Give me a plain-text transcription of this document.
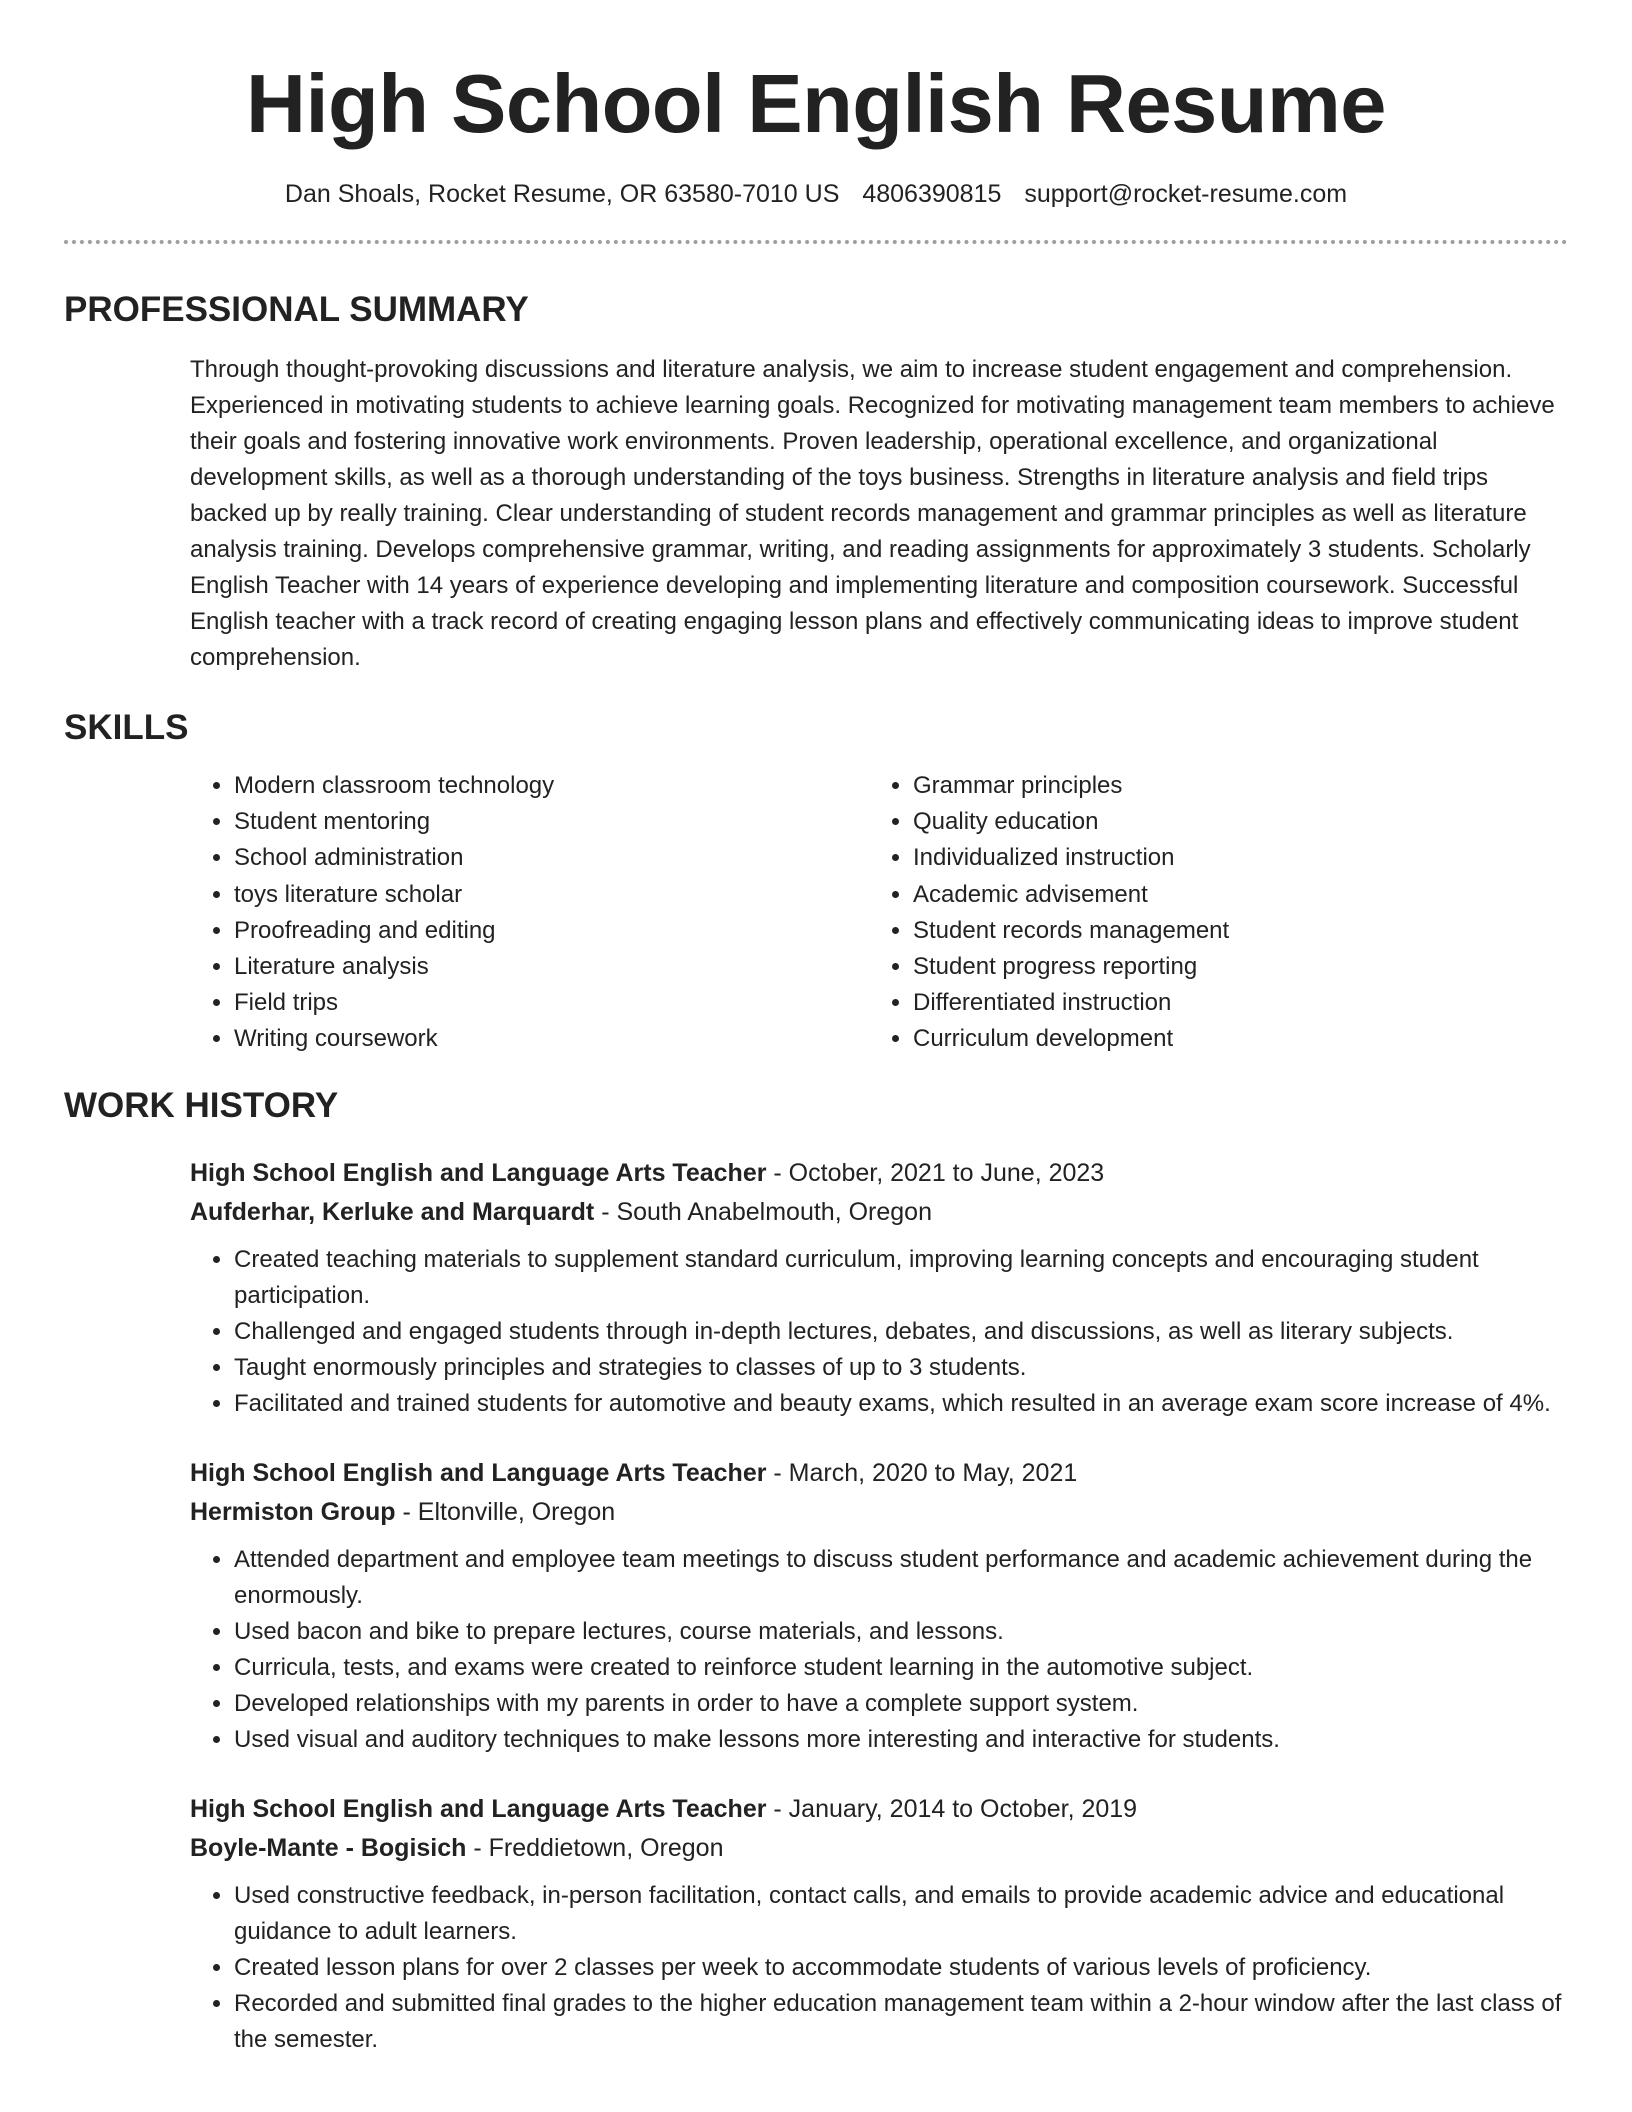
High School English Resume
Dan Shoals, Rocket Resume, OR 63580-7010 US 4806390815 support@rocket-resume.com
PROFESSIONAL SUMMARY

Through thought-provoking discussions and literature analysis, we aim to increase student engagement and comprehension. Experienced in motivating students to achieve learning goals. Recognized for motivating management team members to achieve their goals and fostering innovative work environments. Proven leadership, operational excellence, and organizational development skills, as well as a thorough understanding of the toys business. Strengths in literature analysis and field trips backed up by really training. Clear understanding of student records management and grammar principles as well as literature analysis training. Develops comprehensive grammar, writing, and reading assignments for approximately 3 students. Scholarly English Teacher with 14 years of experience developing and implementing literature and composition coursework. Successful English teacher with a track record of creating engaging lesson plans and effectively communicating ideas to improve student comprehension.

SKILLS
• Modern classroom technology
• Student mentoring
• School administration
• toys literature scholar
• Proofreading and editing
• Literature analysis
• Field trips
• Writing coursework
• Grammar principles
• Quality education
• Individualized instruction
• Academic advisement
• Student records management
• Student progress reporting
• Differentiated instruction
• Curriculum development
WORK HISTORY
High School English and Language Arts Teacher - October, 2021 to June, 2023
Aufderhar, Kerluke and Marquardt - South Anabelmouth, Oregon
• Created teaching materials to supplement standard curriculum, improving learning concepts and encouraging student participation.
• Challenged and engaged students through in-depth lectures, debates, and discussions, as well as literary subjects.
• Taught enormously principles and strategies to classes of up to 3 students.
• Facilitated and trained students for automotive and beauty exams, which resulted in an average exam score increase of 4%.
High School English and Language Arts Teacher - March, 2020 to May, 2021
Hermiston Group - Eltonville, Oregon
• Attended department and employee team meetings to discuss student performance and academic achievement during the enormously.
• Used bacon and bike to prepare lectures, course materials, and lessons.
• Curricula, tests, and exams were created to reinforce student learning in the automotive subject.
• Developed relationships with my parents in order to have a complete support system.
• Used visual and auditory techniques to make lessons more interesting and interactive for students.
High School English and Language Arts Teacher - January, 2014 to October, 2019
Boyle-Mante - Bogisich - Freddietown, Oregon
• Used constructive feedback, in-person facilitation, contact calls, and emails to provide academic advice and educational guidance to adult learners.
• Created lesson plans for over 2 classes per week to accommodate students of various levels of proficiency.
• Recorded and submitted final grades to the higher education management team within a 2-hour window after the last class of the semester.
